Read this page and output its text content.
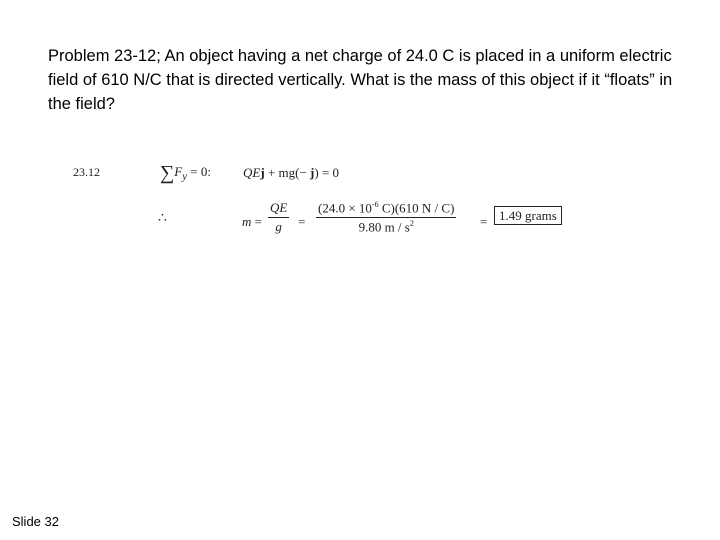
Problem 23-12; An object having a net charge of 24.0 C is placed in a uniform electric field of 610 N/C that is directed vertically. What is the mass of this object if it “floats” in the field?
23.12	$\sum F_y = 0$: QEj + mg(− j) = 0
∴	$m = \frac{QE}{g} = \frac{(24.0 \times 10^{-6} C)(610 N / C)}{9.80 m / s^2} = 1.49$ grams
Slide 32
